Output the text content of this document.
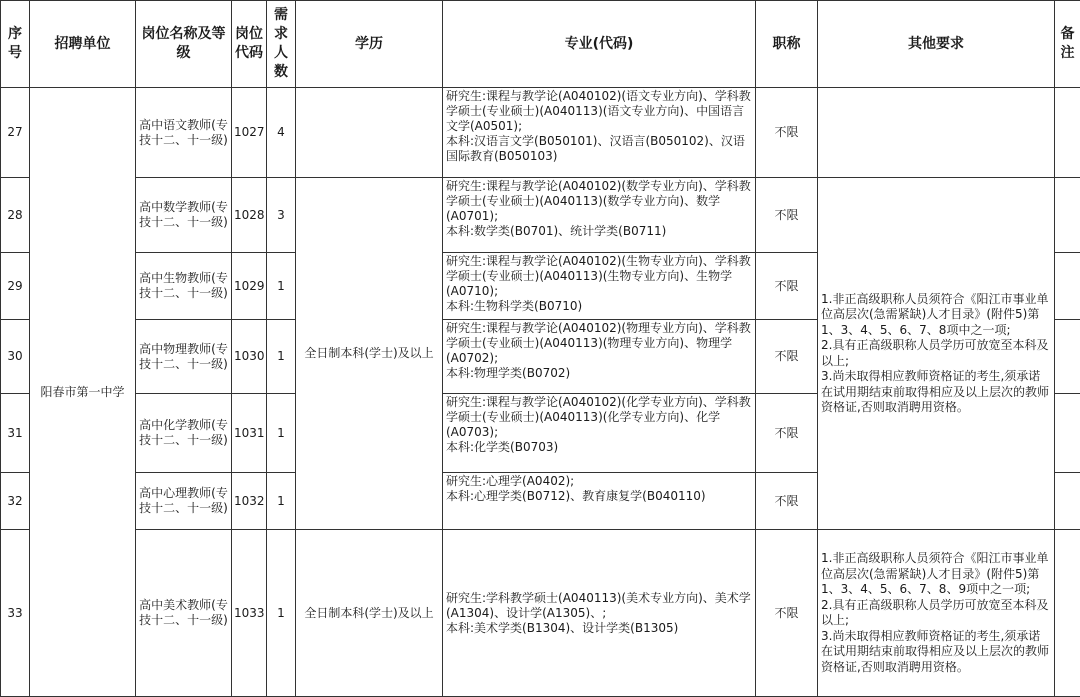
序号	招聘单位	岗位名称及等级	岗位代码	需求人数	学历	专业(代码)	职称	其他要求	备注
27	阳春市第一中学	高中语文教师(专技十二、十一级)	1027	4		研究生:课程与教学论(A040102)(语文专业方向)、学科教学硕士(专业硕士)(A040113)(语文专业方向)、中国语言文学(A0501);
本科:汉语言文学(B050101)、汉语言(B050102)、汉语国际教育(B050103)	不限		
28		高中数学教师(专技十二、十一级)	1028	3	全日制本科(学士)及以上	研究生:课程与教学论(A040102)(数学专业方向)、学科教学硕士(专业硕士)(A040113)(数学专业方向)、数学(A0701);
本科:数学类(B0701)、统计学类(B0711)	不限	1.非正高级职称人员须符合《阳江市事业单位高层次(急需紧缺)人才目录》(附件5)第1、3、4、5、6、7、8项中之一项;
2.具有正高级职称人员学历可放宽至本科及以上;
3.尚未取得相应教师资格证的考生,须承诺在试用期结束前取得相应及以上层次的教师资格证,否则取消聘用资格。	
29		高中生物教师(专技十二、十一级)	1029	1		研究生:课程与教学论(A040102)(生物专业方向)、学科教学硕士(专业硕士)(A040113)(生物专业方向)、生物学(A0710);
本科:生物科学类(B0710)	不限		
30		高中物理教师(专技十二、十一级)	1030	1		研究生:课程与教学论(A040102)(物理专业方向)、学科教学硕士(专业硕士)(A040113)(物理专业方向)、物理学(A0702);
本科:物理学类(B0702)	不限		
31		高中化学教师(专技十二、十一级)	1031	1		研究生:课程与教学论(A040102)(化学专业方向)、学科教学硕士(专业硕士)(A040113)(化学专业方向)、化学(A0703);
本科:化学类(B0703)	不限		
32		高中心理教师(专技十二、十一级)	1032	1		研究生:心理学(A0402);
本科:心理学类(B0712)、教育康复学(B040110)	不限		
33		高中美术教师(专技十二、十一级)	1033	1	全日制本科(学士)及以上	研究生:学科教学硕士(A040113)(美术专业方向)、美术学(A1304)、设计学(A1305)、;
本科:美术学类(B1304)、设计学类(B1305)	不限	1.非正高级职称人员须符合《阳江市事业单位高层次(急需紧缺)人才目录》(附件5)第1、3、4、5、6、7、8、9项中之一项;
2.具有正高级职称人员学历可放宽至本科及以上;
3.尚未取得相应教师资格证的考生,须承诺在试用期结束前取得相应及以上层次的教师资格证,否则取消聘用资格。	
